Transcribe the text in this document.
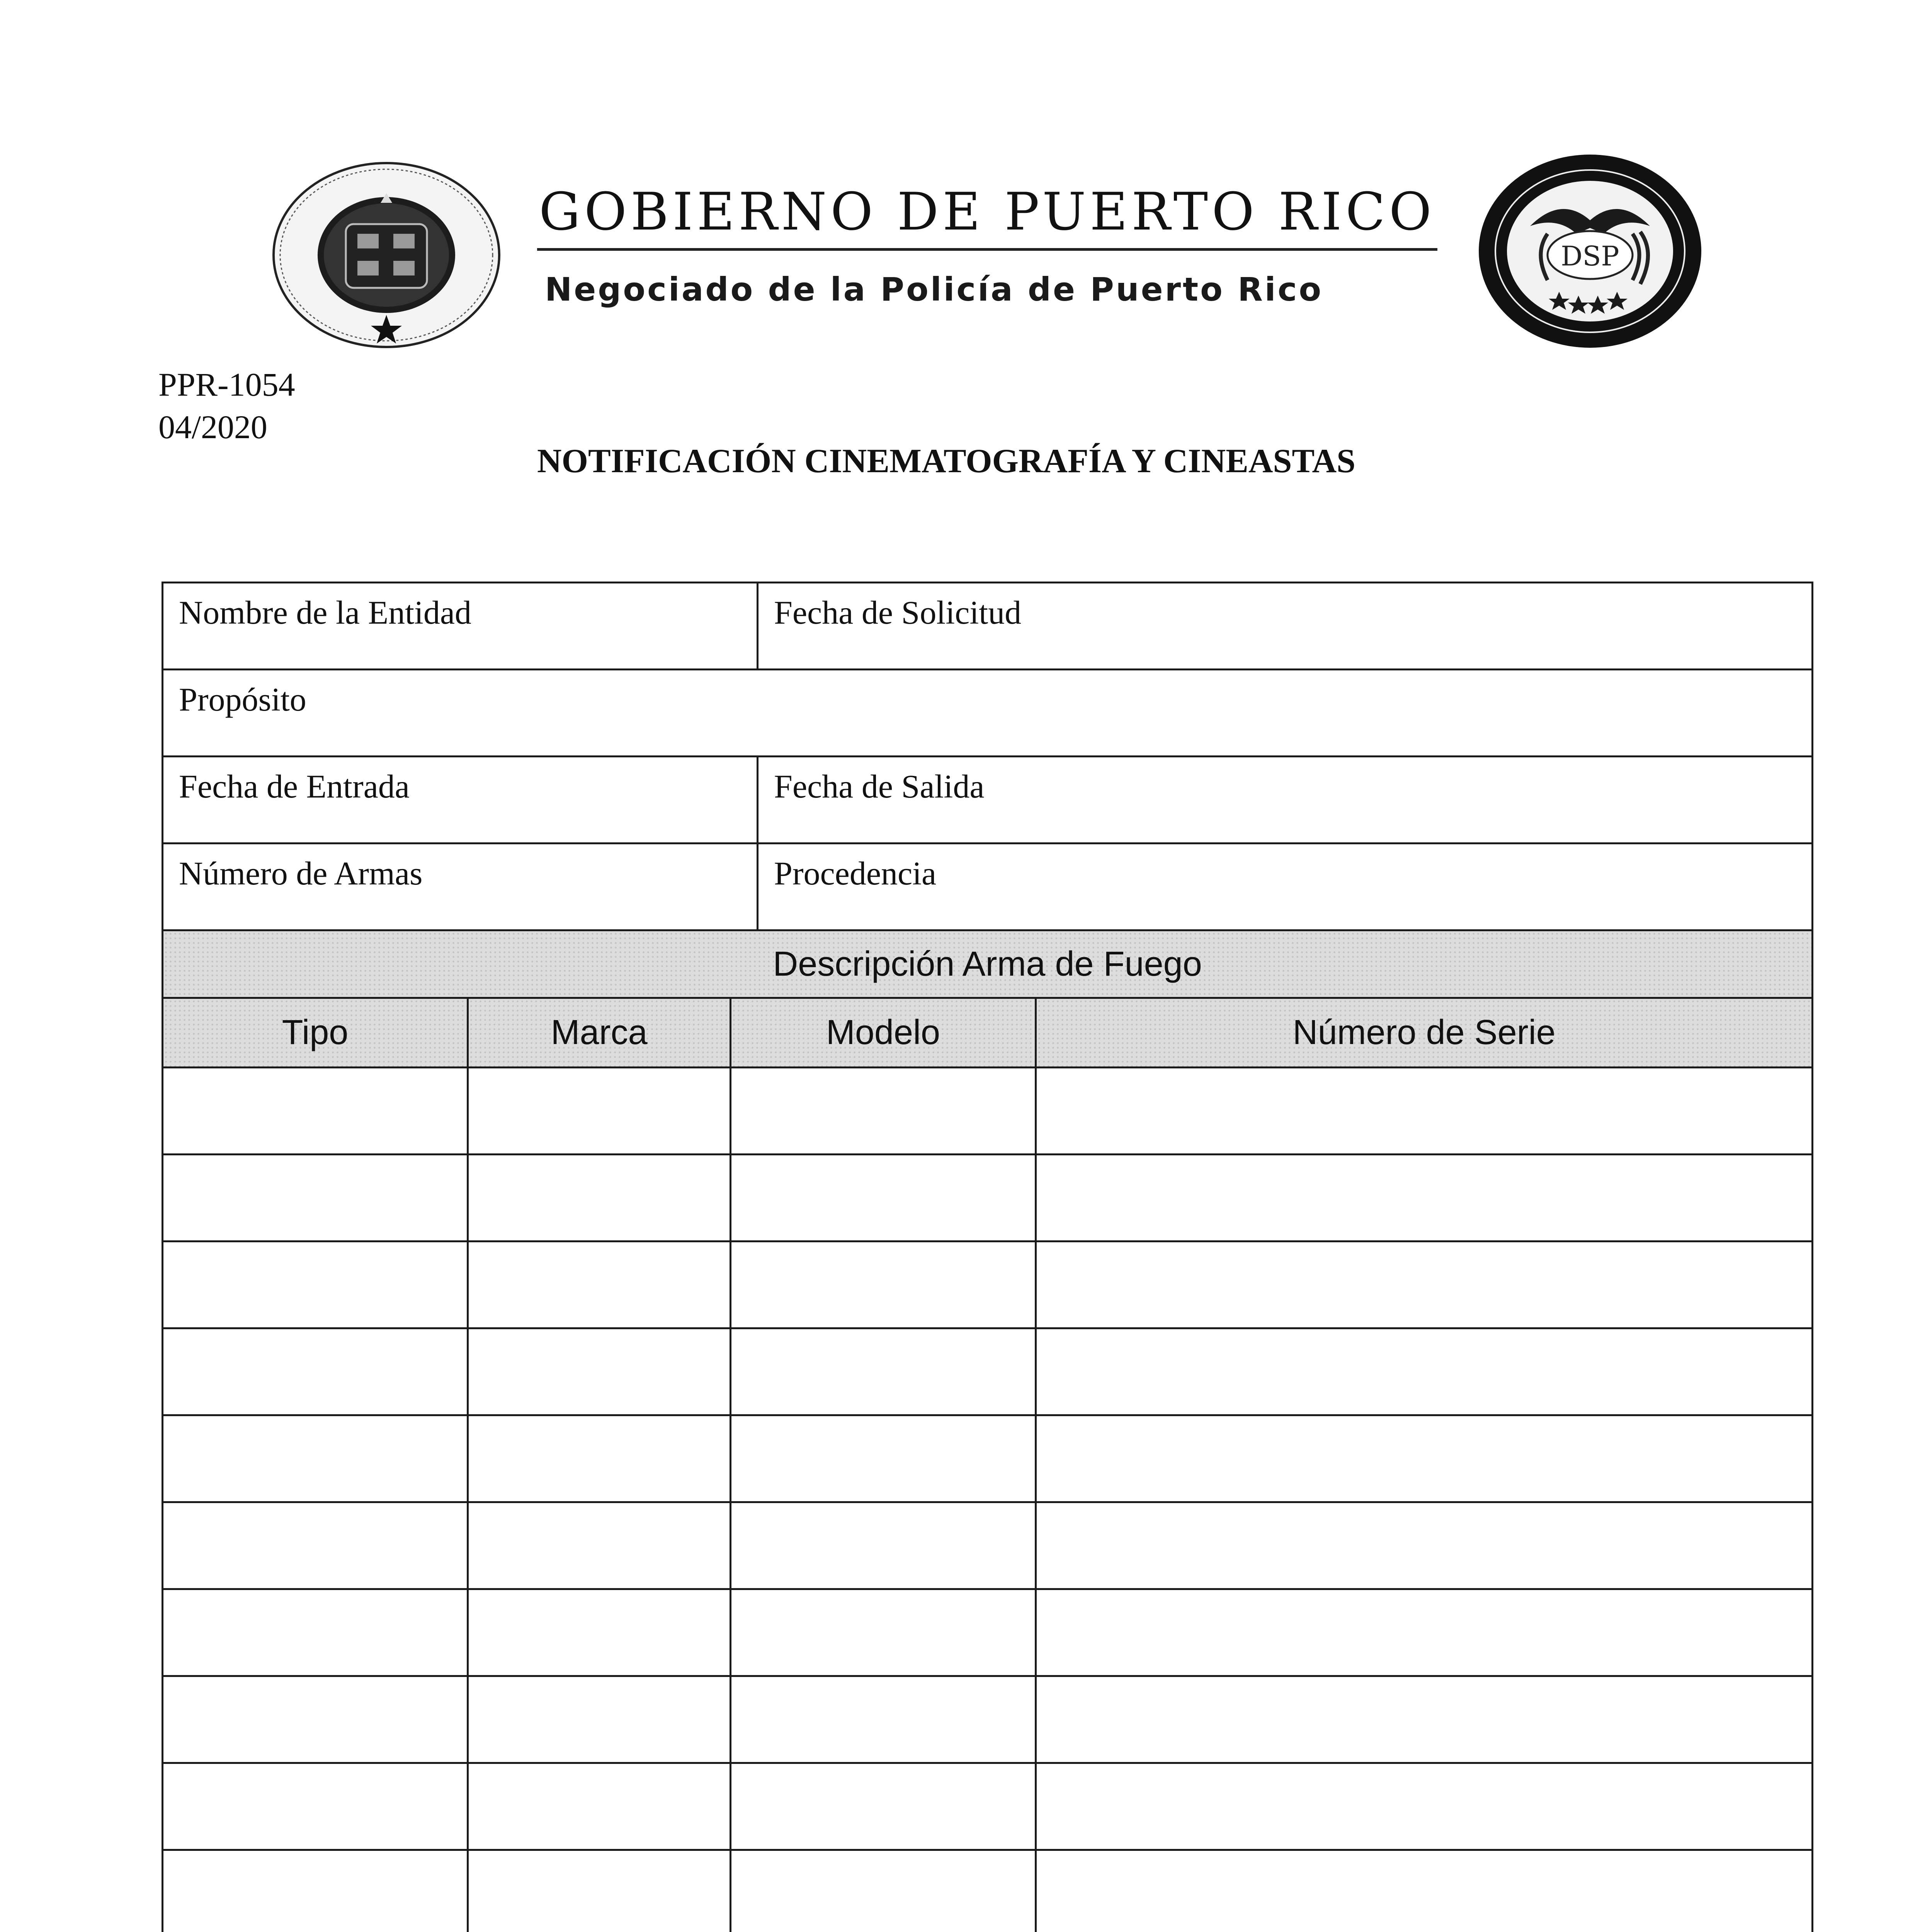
GOBIERNO DE PUERTO RICO
Negociado de la Policía de Puerto Rico
DSP
PPR-1054
04/2020
NOTIFICACIÓN CINEMATOGRAFÍA Y CINEASTAS
Nombre de la Entidad			Fecha de Solicitud	

Propósito				

Fecha de Entrada			Fecha de Salida	

Número de Armas			Procedencia	

Descripción Arma de Fuego				
Tipo	Marca	Modelo		Número de Serie
